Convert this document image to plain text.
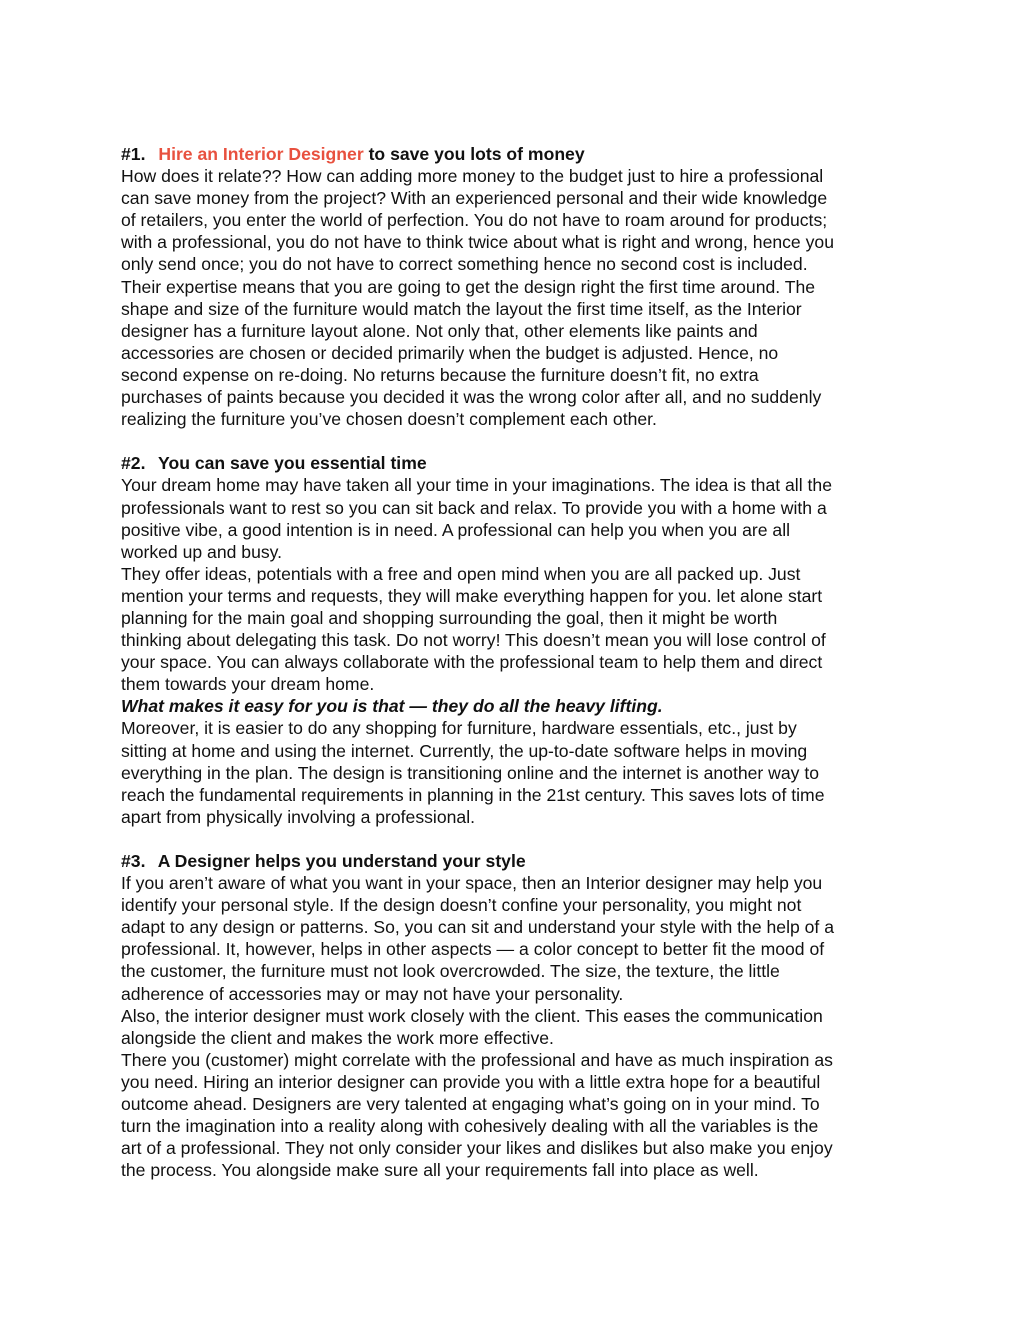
#1. Hire an Interior Designer to save you lots of money

How does it relate?? How can adding more money to the budget just to hire a professional
can save money from the project? With an experienced personal and their wide knowledge
of retailers, you enter the world of perfection. You do not have to roam around for products;
with a professional, you do not have to think twice about what is right and wrong, hence you
only send once; you do not have to correct something hence no second cost is included.
Their expertise means that you are going to get the design right the first time around. The
shape and size of the furniture would match the layout the first time itself, as the Interior
designer has a furniture layout alone. Not only that, other elements like paints and
accessories are chosen or decided primarily when the budget is adjusted. Hence, no
second expense on re-doing. No returns because the furniture doesn’t fit, no extra
purchases of paints because you decided it was the wrong color after all, and no suddenly
realizing the furniture you’ve chosen doesn’t complement each other.

#2. You can save you essential time

Your dream home may have taken all your time in your imaginations. The idea is that all the
professionals want to rest so you can sit back and relax. To provide you with a home with a
positive vibe, a good intention is in need. A professional can help you when you are all
worked up and busy.

They offer ideas, potentials with a free and open mind when you are all packed up. Just
mention your terms and requests, they will make everything happen for you. let alone start
planning for the main goal and shopping surrounding the goal, then it might be worth
thinking about delegating this task. Do not worry! This doesn’t mean you will lose control of
your space. You can always collaborate with the professional team to help them and direct
them towards your dream home.

What makes it easy for you is that — they do all the heavy lifting.

Moreover, it is easier to do any shopping for furniture, hardware essentials, etc., just by
sitting at home and using the internet. Currently, the up-to-date software helps in moving
everything in the plan. The design is transitioning online and the internet is another way to
reach the fundamental requirements in planning in the 21st century. This saves lots of time
apart from physically involving a professional.

#3. A Designer helps you understand your style

If you aren’t aware of what you want in your space, then an Interior designer may help you
identify your personal style. If the design doesn’t confine your personality, you might not
adapt to any design or patterns. So, you can sit and understand your style with the help of a
professional. It, however, helps in other aspects — a color concept to better fit the mood of
the customer, the furniture must not look overcrowded. The size, the texture, the little
adherence of accessories may or may not have your personality.

Also, the interior designer must work closely with the client. This eases the communication
alongside the client and makes the work more effective.

There you (customer) might correlate with the professional and have as much inspiration as
you need. Hiring an interior designer can provide you with a little extra hope for a beautiful
outcome ahead. Designers are very talented at engaging what’s going on in your mind. To
turn the imagination into a reality along with cohesively dealing with all the variables is the
art of a professional. They not only consider your likes and dislikes but also make you enjoy
the process. You alongside make sure all your requirements fall into place as well.
